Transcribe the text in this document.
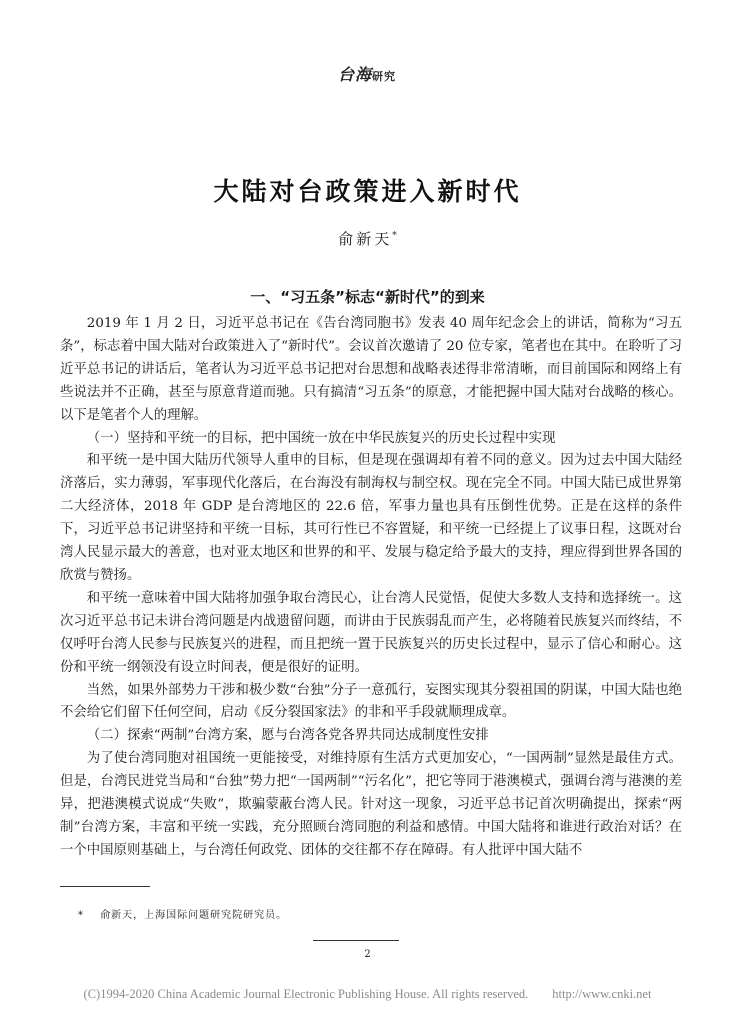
台海研究
大陆对台政策进入新时代
俞新天*
一、“习五条”标志“新时代”的到来

2019 年 1 月 2 日，习近平总书记在《告台湾同胞书》发表 40 周年纪念会上的讲话，简称为“习五条”，标志着中国大陆对台政策进入了“新时代”。会议首次邀请了 20 位专家，笔者也在其中。在聆听了习近平总书记的讲话后，笔者认为习近平总书记把对台思想和战略表述得非常清晰，而目前国际和网络上有些说法并不正确，甚至与原意背道而驰。只有搞清“习五条”的原意，才能把握中国大陆对台战略的核心。以下是笔者个人的理解。

（一）坚持和平统一的目标，把中国统一放在中华民族复兴的历史长过程中实现

和平统一是中国大陆历代领导人重申的目标，但是现在强调却有着不同的意义。因为过去中国大陆经济落后，实力薄弱，军事现代化落后，在台海没有制海权与制空权。现在完全不同。中国大陆已成世界第二大经济体，2018 年 GDP 是台湾地区的 22.6 倍，军事力量也具有压倒性优势。正是在这样的条件下，习近平总书记讲坚持和平统一目标，其可行性已不容置疑，和平统一已经提上了议事日程，这既对台湾人民显示最大的善意，也对亚太地区和世界的和平、发展与稳定给予最大的支持，理应得到世界各国的欣赏与赞扬。

和平统一意味着中国大陆将加强争取台湾民心，让台湾人民觉悟，促使大多数人支持和选择统一。这次习近平总书记未讲台湾问题是内战遗留问题，而讲由于民族弱乱而产生，必将随着民族复兴而终结，不仅呼吁台湾人民参与民族复兴的进程，而且把统一置于民族复兴的历史长过程中，显示了信心和耐心。这份和平统一纲领没有设立时间表，便是很好的证明。

当然，如果外部势力干涉和极少数“台独”分子一意孤行，妄图实现其分裂祖国的阴谋，中国大陆也绝不会给它们留下任何空间，启动《反分裂国家法》的非和平手段就顺理成章。

（二）探索“两制”台湾方案，愿与台湾各党各界共同达成制度性安排

为了使台湾同胞对祖国统一更能接受，对维持原有生活方式更加安心，“一国两制”显然是最佳方式。但是，台湾民进党当局和“台独”势力把“一国两制”“污名化”，把它等同于港澳模式，强调台湾与港澳的差异，把港澳模式说成“失败”，欺骗蒙蔽台湾人民。针对这一现象，习近平总书记首次明确提出，探索“两制”台湾方案，丰富和平统一实践，充分照顾台湾同胞的利益和感情。中国大陆将和谁进行政治对话？在一个中国原则基础上，与台湾任何政党、团体的交往都不存在障碍。有人批评中国大陆不

* 俞新天，上海国际问题研究院研究员。
2
(C)1994-2020 China Academic Journal Electronic Publishing House. All rights reserved. http://www.cnki.net
